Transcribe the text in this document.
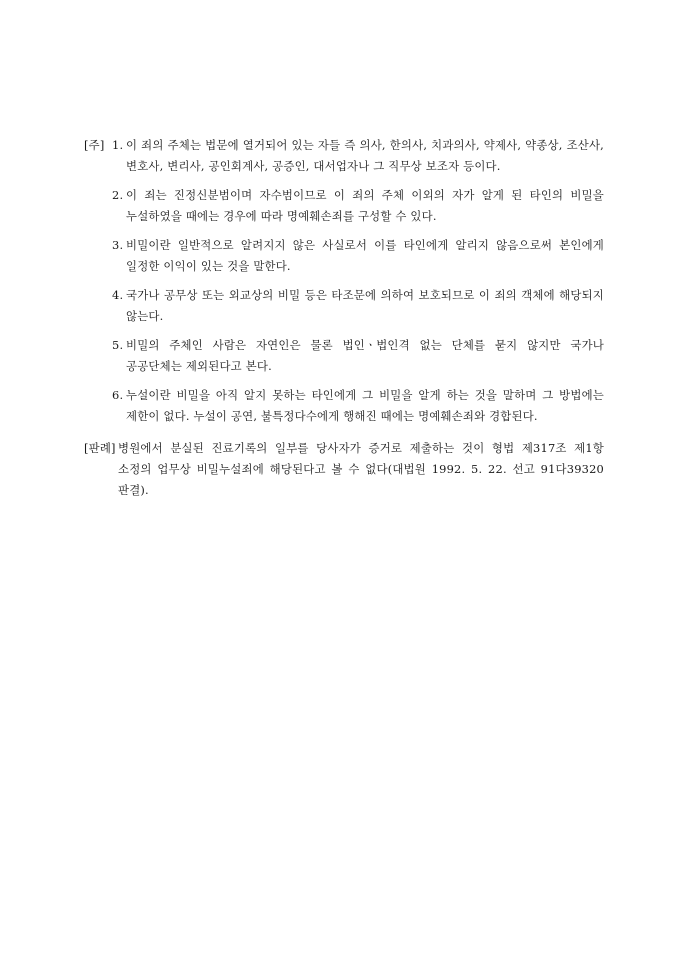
[주] 1. 이 죄의 주체는 법문에 열거되어 있는 자들 즉 의사, 한의사, 치과의사, 약제사, 약종상, 조산사, 변호사, 변리사, 공인회계사, 공증인, 대서업자나 그 직무상 보조자 등이다.
2. 이 죄는 진정신분범이며 자수범이므로 이 죄의 주체 이외의 자가 알게 된 타인의 비밀을 누설하였을 때에는 경우에 따라 명예훼손죄를 구성할 수 있다.
3. 비밀이란 일반적으로 알려지지 않은 사실로서 이를 타인에게 알리지 않음으로써 본인에게 일정한 이익이 있는 것을 말한다.
4. 국가나 공무상 또는 외교상의 비밀 등은 타조문에 의하여 보호되므로 이 죄의 객체에 해당되지 않는다.
5. 비밀의 주체인 사람은 자연인은 물론 법인ㆍ법인격 없는 단체를 묻지 않지만 국가나 공공단체는 제외된다고 본다.
6. 누설이란 비밀을 아직 알지 못하는 타인에게 그 비밀을 알게 하는 것을 말하며 그 방법에는 제한이 없다. 누설이 공연, 불특정다수에게 행해진 때에는 명예훼손죄와 경합된다.
[판례] 병원에서 분실된 진료기록의 일부를 당사자가 증거로 제출하는 것이 형법 제317조 제1항 소정의 업무상 비밀누설죄에 해당된다고 볼 수 없다(대법원 1992. 5. 22. 선고 91다39320 판결).
